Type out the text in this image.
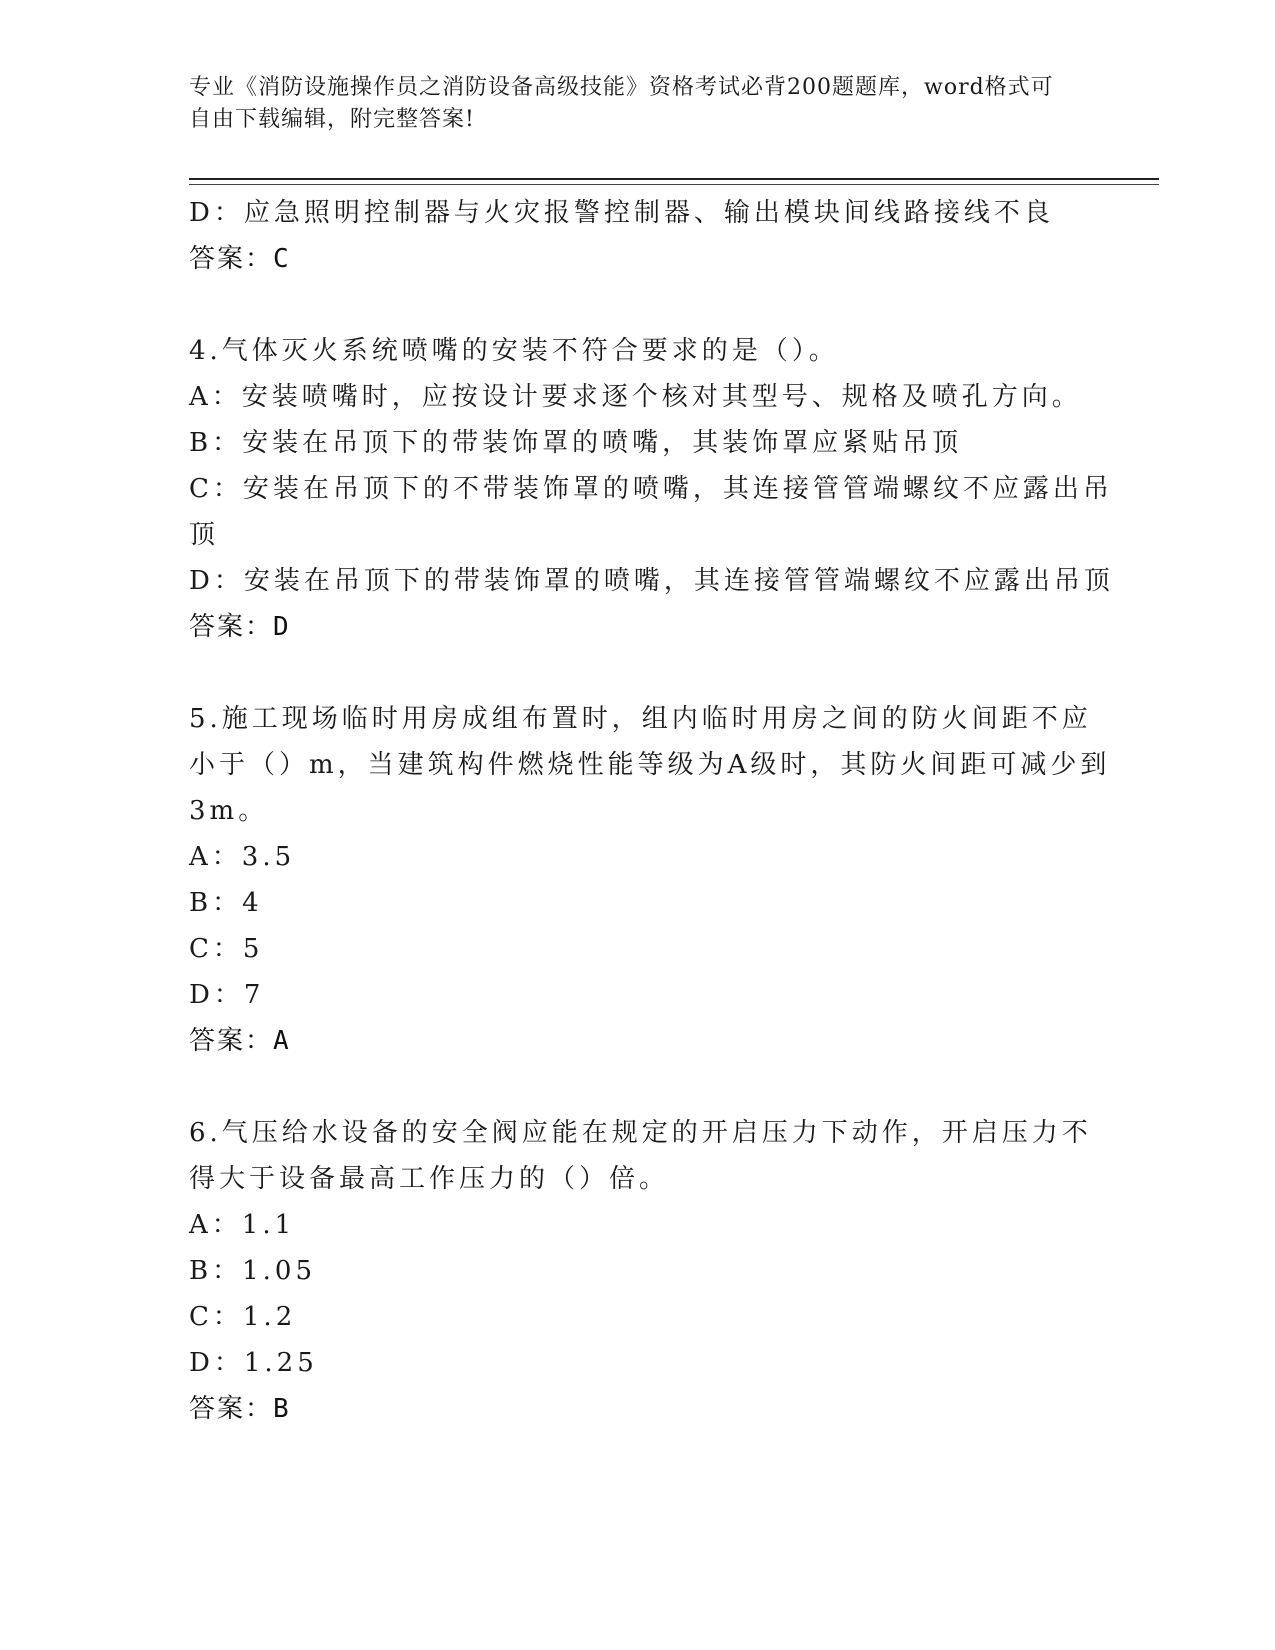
专业《消防设施操作员之消防设备高级技能》资格考试必背200题题库，word格式可自由下载编辑，附完整答案!
D：应急照明控制器与火灾报警控制器、输出模块间线路接线不良
答案：C
4.气体灭火系统喷嘴的安装不符合要求的是（）。
A：安装喷嘴时，应按设计要求逐个核对其型号、规格及喷孔方向。
B：安装在吊顶下的带装饰罩的喷嘴，其装饰罩应紧贴吊顶
C：安装在吊顶下的不带装饰罩的喷嘴，其连接管管端螺纹不应露出吊
顶
D：安装在吊顶下的带装饰罩的喷嘴，其连接管管端螺纹不应露出吊顶
答案：D
5.施工现场临时用房成组布置时，组内临时用房之间的防火间距不应
小于（）m，当建筑构件燃烧性能等级为A级时，其防火间距可减少到
3m。
A：3.5
B：4
C：5
D：7
答案：A
6.气压给水设备的安全阀应能在规定的开启压力下动作，开启压力不
得大于设备最高工作压力的（）倍。
A：1.1
B：1.05
C：1.2
D：1.25
答案：B
